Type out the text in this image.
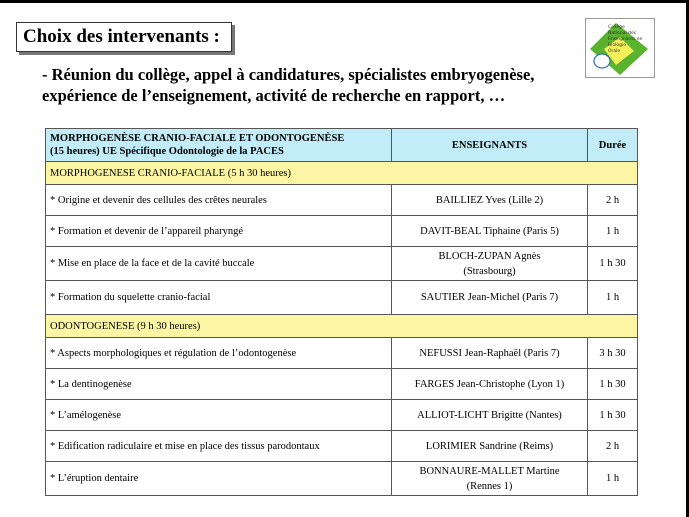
Choix des intervenants :	Collège
National des
Enseignants en
Biologie
Orale
- Réunion du collège, appel à candidatures, spécialistes embryogenèse,
expérience de l’enseignement, activité de recherche en rapport, …
MORPHOGENÈSE CRANIO-FACIALE ET ODONTOGENÈSE
(15 heures) UE Spécifique Odontologie de la PACES	ENSEIGNANTS	Durée
MORPHOGENESE CRANIO-FACIALE (5 h 30 heures)		
* Origine et devenir des cellules des crêtes neurales	BAILLIEZ Yves (Lille 2)	2 h
* Formation et devenir de l’appareil pharyngé	DAVIT-BEAL Tiphaine (Paris 5)	1 h
* Mise en place de la face et de la cavité buccale	BLOCH-ZUPAN Agnès
(Strasbourg)	1 h 30
* Formation du squelette cranio-facial	SAUTIER Jean-Michel (Paris 7)	1 h
ODONTOGENESE (9 h 30 heures)		
* Aspects morphologiques et régulation de l’odontogenèse	NEFUSSI Jean-Raphaël (Paris 7)	3 h 30
* La dentinogenèse	FARGES Jean-Christophe (Lyon 1)	1 h 30
* L’amélogenèse	ALLIOT-LICHT Brigitte (Nantes)	1 h 30
* Edification radiculaire et mise en place des tissus parodontaux	LORIMIER Sandrine (Reims)	2 h
* L’éruption dentaire	BONNAURE-MALLET Martine
(Rennes 1)	1 h
